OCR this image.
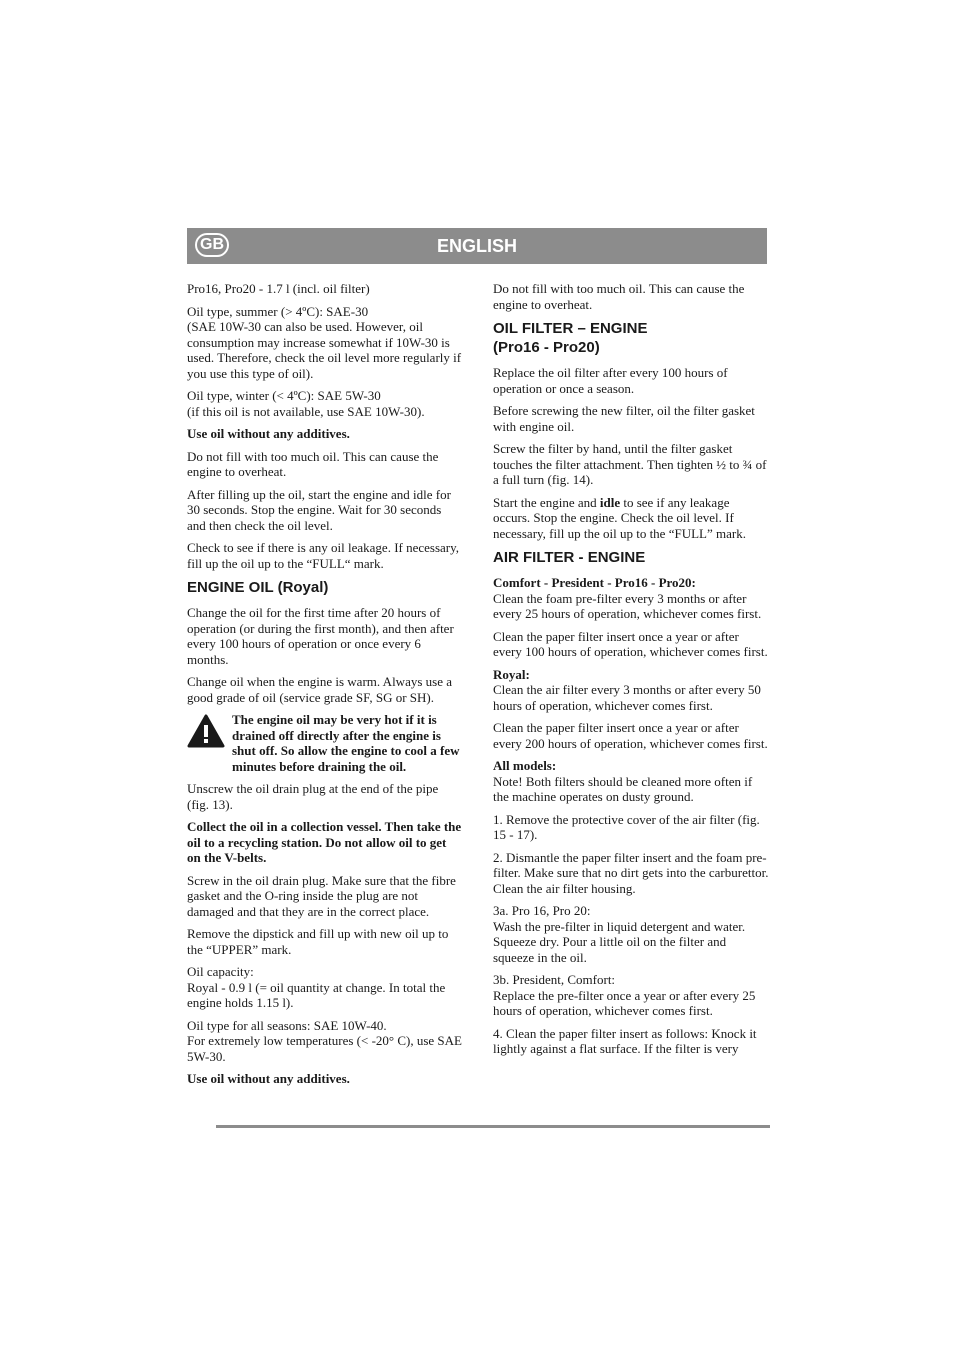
ENGLISH
GB

Pro16, Pro20 - 1.7 l (incl. oil filter)

Oil type, summer (> 4ºC): SAE-30
(SAE 10W-30 can also be used. However, oil consumption may increase somewhat if 10W-30 is used. Therefore, check the oil level more regularly if you use this type of oil).

Oil type, winter (< 4ºC): SAE 5W-30
(if this oil is not available, use SAE 10W-30).

Use oil without any additives.

Do not fill with too much oil. This can cause the engine to overheat.

After filling up the oil, start the engine and idle for 30 seconds. Stop the engine. Wait for 30 seconds and then check the oil level.

Check to see if there is any oil leakage. If necessary, fill up the oil up to the “FULL“ mark.

ENGINE OIL (Royal)

Change the oil for the first time after 20 hours of operation (or during the first month), and then after every 100 hours of operation or once every 6 months.

Change oil when the engine is warm. Always use a good grade of oil (service grade SF, SG or SH).

The engine oil may be very hot if it is drained off directly after the engine is shut off. So allow the engine to cool a few minutes before draining the oil.

Unscrew the oil drain plug at the end of the pipe (fig. 13).

Collect the oil in a collection vessel. Then take the oil to a recycling station. Do not allow oil to get on the V-belts.

Screw in the oil drain plug. Make sure that the fibre gasket and the O-ring inside the plug are not damaged and that they are in the correct place.

Remove the dipstick and fill up with new oil up to the “UPPER” mark.

Oil capacity:
Royal - 0.9 l (= oil quantity at change. In total the engine holds 1.15 l).

Oil type for all seasons: SAE 10W-40.
For extremely low temperatures (< -20° C), use SAE 5W-30.

Use oil without any additives.

Do not fill with too much oil. This can cause the engine to overheat.

OIL FILTER – ENGINE
(Pro16 - Pro20)

Replace the oil filter after every 100 hours of operation or once a season.

Before screwing the new filter, oil the filter gasket with engine oil.

Screw the filter by hand, until the filter gasket touches the filter attachment. Then tighten ½ to ¾ of a full turn (fig. 14).

Start the engine and idle to see if any leakage occurs. Stop the engine. Check the oil level. If necessary, fill up the oil up to the “FULL” mark.

AIR FILTER - ENGINE

Comfort - President - Pro16 - Pro20:
Clean the foam pre-filter every 3 months or after every 25 hours of operation, whichever comes first.

Clean the paper filter insert once a year or after every 100 hours of operation, whichever comes first.

Royal:
Clean the air filter every 3 months or after every 50 hours of operation, whichever comes first.

Clean the paper filter insert once a year or after every 200 hours of operation, whichever comes first.

All models:
Note! Both filters should be cleaned more often if the machine operates on dusty ground.

1. Remove the protective cover of the air filter (fig. 15 - 17).

2. Dismantle the paper filter insert and the foam pre-filter. Make sure that no dirt gets into the carburettor. Clean the air filter housing.

3a. Pro 16, Pro 20:
Wash the pre-filter in liquid detergent and water. Squeeze dry. Pour a little oil on the filter and squeeze in the oil.

3b. President, Comfort:
Replace the pre-filter once a year or after every 25 hours of operation, whichever comes first.

4. Clean the paper filter insert as follows: Knock it lightly against a flat surface. If the filter is very
